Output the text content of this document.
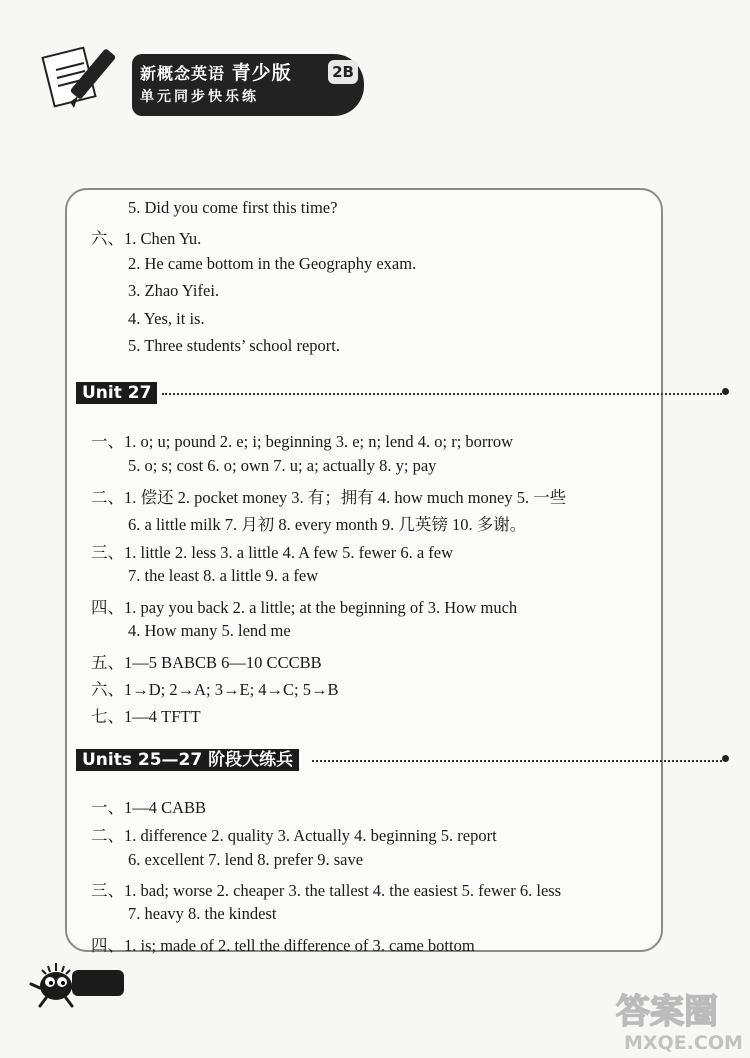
新概念英语 青少版	2B
单元同步快乐练
5. Did you come first this time?
六、1. Chen Yu.
2. He came bottom in the Geography exam.
3. Zhao Yifei.
4. Yes, it is.
5. Three students’ school report.
Unit 27
一、1. o; u; pound 2. e; i; beginning 3. e; n; lend 4. o; r; borrow
5. o; s; cost 6. o; own 7. u; a; actually 8. y; pay
二、1. 偿还 2. pocket money 3. 有；拥有 4. how much money 5. 一些
6. a little milk 7. 月初 8. every month 9. 几英镑 10. 多谢。
三、1. little 2. less 3. a little 4. A few 5. fewer 6. a few
7. the least 8. a little 9. a few
四、1. pay you back 2. a little; at the beginning of 3. How much
4. How many 5. lend me
五、1—5 BABCB 6—10 CCCBB
六、1→D; 2→A; 3→E; 4→C; 5→B
七、1—4 TFTT
Units 25—27 阶段大练兵
一、1—4 CABB
二、1. difference 2. quality 3. Actually 4. beginning 5. report
6. excellent 7. lend 8. prefer 9. save
三、1. bad; worse 2. cheaper 3. the tallest 4. the easiest 5. fewer 6. less
7. heavy 8. the kindest
四、1. is; made of 2. tell the difference of 3. came bottom
答案圈
MXQE.COM
